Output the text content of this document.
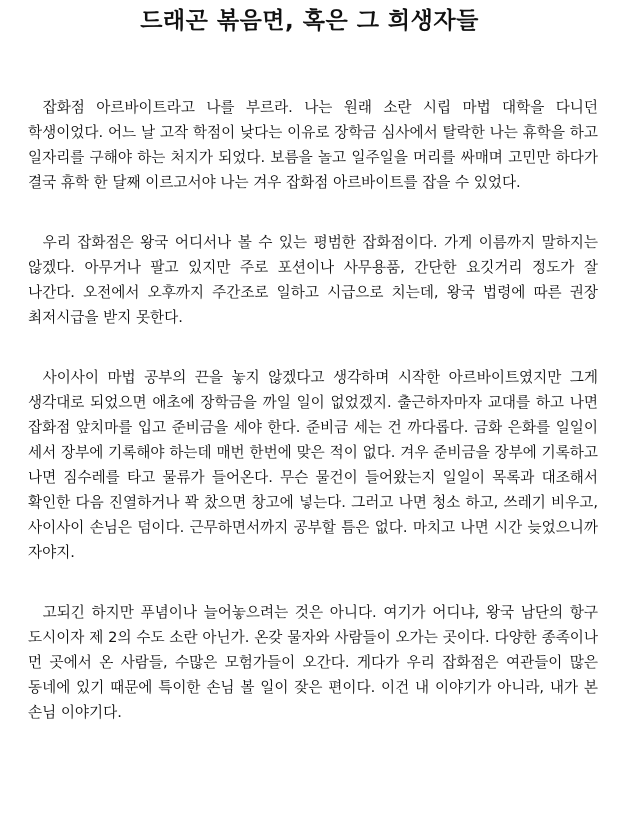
드래곤 볶음면, 혹은 그 희생자들

잡화점 아르바이트라고 나를 부르라. 나는 원래 소란 시립 마법 대학을 다니던 학생이었다. 어느 날 고작 학점이 낮다는 이유로 장학금 심사에서 탈락한 나는 휴학을 하고 일자리를 구해야 하는 처지가 되었다. 보름을 놀고 일주일을 머리를 싸매며 고민만 하다가 결국 휴학 한 달째 이르고서야 나는 겨우 잡화점 아르바이트를 잡을 수 있었다.

우리 잡화점은 왕국 어디서나 볼 수 있는 평범한 잡화점이다. 가게 이름까지 말하지는 않겠다. 아무거나 팔고 있지만 주로 포션이나 사무용품, 간단한 요깃거리 정도가 잘 나간다. 오전에서 오후까지 주간조로 일하고 시급으로 치는데, 왕국 법령에 따른 권장 최저시급을 받지 못한다.

사이사이 마법 공부의 끈을 놓지 않겠다고 생각하며 시작한 아르바이트였지만 그게 생각대로 되었으면 애초에 장학금을 까일 일이 없었겠지. 출근하자마자 교대를 하고 나면 잡화점 앞치마를 입고 준비금을 세야 한다. 준비금 세는 건 까다롭다. 금화 은화를 일일이 세서 장부에 기록해야 하는데 매번 한번에 맞은 적이 없다. 겨우 준비금을 장부에 기록하고 나면 짐수레를 타고 물류가 들어온다. 무슨 물건이 들어왔는지 일일이 목록과 대조해서 확인한 다음 진열하거나 꽉 찼으면 창고에 넣는다. 그러고 나면 청소 하고, 쓰레기 비우고, 사이사이 손님은 덤이다. 근무하면서까지 공부할 틈은 없다. 마치고 나면 시간 늦었으니까 자야지.

고되긴 하지만 푸념이나 늘어놓으려는 것은 아니다. 여기가 어디냐, 왕국 남단의 항구 도시이자 제 2의 수도 소란 아닌가. 온갖 물자와 사람들이 오가는 곳이다. 다양한 종족이나 먼 곳에서 온 사람들, 수많은 모험가들이 오간다. 게다가 우리 잡화점은 여관들이 많은 동네에 있기 때문에 특이한 손님 볼 일이 잦은 편이다. 이건 내 이야기가 아니라, 내가 본 손님 이야기다.
